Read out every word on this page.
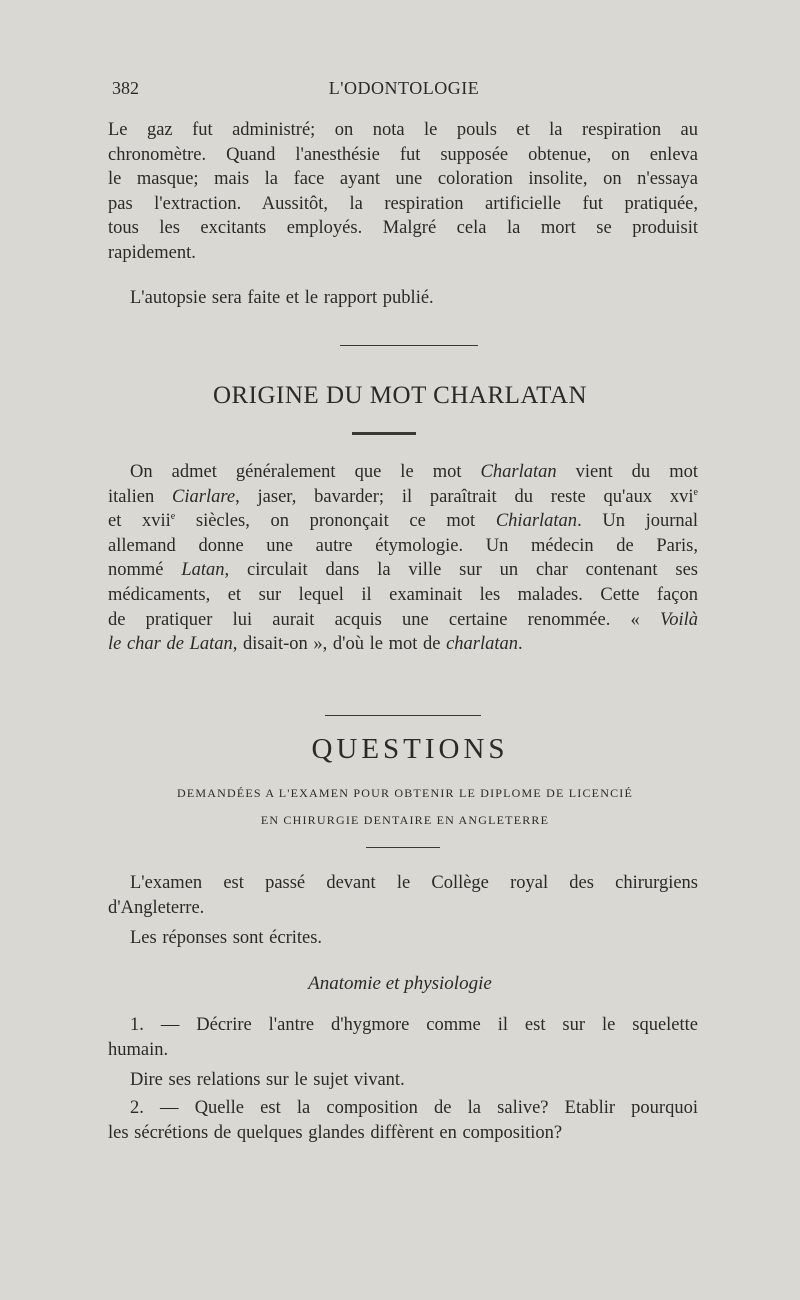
382	L'ODONTOLOGIE
Le gaz fut administré; on nota le pouls et la respiration au
chronomètre. Quand l'anesthésie fut supposée obtenue, on enleva
le masque; mais la face ayant une coloration insolite, on n'essaya
pas l'extraction. Aussitôt, la respiration artificielle fut pratiquée,
tous les excitants employés. Malgré cela la mort se produisit
rapidement.
L'autopsie sera faite et le rapport publié.
ORIGINE DU MOT CHARLATAN
On admet généralement que le mot Charlatan vient du mot
italien Ciarlare, jaser, bavarder; il paraîtrait du reste qu'aux xvi$^e$
et xvii$^e$ siècles, on prononçait ce mot Chiarlatan. Un journal
allemand donne une autre étymologie. Un médecin de Paris,
nommé Latan, circulait dans la ville sur un char contenant ses
médicaments, et sur lequel il examinait les malades. Cette façon
de pratiquer lui aurait acquis une certaine renommée. « Voilà
le char de Latan, disait-on », d'où le mot de charlatan.
QUESTIONS
DEMANDÉES A L'EXAMEN POUR OBTENIR LE DIPLOME DE LICENCIÉ
EN CHIRURGIE DENTAIRE EN ANGLETERRE
L'examen est passé devant le Collège royal des chirurgiens
d'Angleterre.
Les réponses sont écrites.
Anatomie et physiologie
1. — Décrire l'antre d'hygmore comme il est sur le squelette
humain.
Dire ses relations sur le sujet vivant.
2. — Quelle est la composition de la salive? Etablir pourquoi
les sécrétions de quelques glandes diffèrent en composition?
